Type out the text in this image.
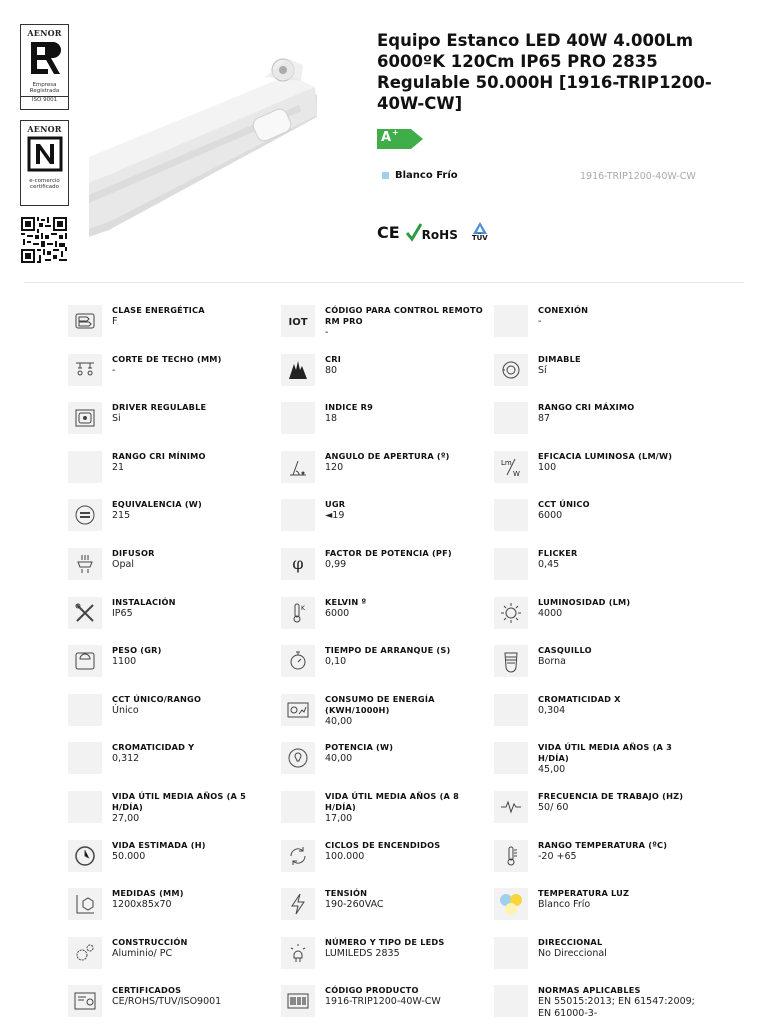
AENOR
Empresa
Registrada
ISO 9001
AENOR
e-comercio
certificado
Equipo Estanco LED 40W 4.000Lm 6000ºK 120Cm IP65 PRO 2835 Regulable 50.000H [1916-TRIP1200-40W-CW]
A +
Blanco Frío	1916-TRIP1200-40W-CW
CE RoHS TÜV
CLASE ENERGÉTICA
F	IOT
CÓDIGO PARA CONTROL REMOTO RM PRO
-
CONEXIÓN
-
CORTE DE TECHO (MM)
-
CRI
80
DIMABLE
Sí
DRIVER REGULABLE
Si
INDICE R9
18
RANGO CRI MÁXIMO
87
RANGO CRI MÍNIMO
21
ANGULO DE APERTURA (º)
120	Lm
W
EFICACIA LUMINOSA (LM/W)
100
EQUIVALENCIA (W)
215
UGR
◄19
CCT ÚNICO
6000
DIFUSOR
Opal	φ
FACTOR DE POTENCIA (PF)
0,99
FLICKER
0,45
INSTALACIÓN
IP65	K
KELVIN º
6000
LUMINOSIDAD (LM)
4000
PESO (GR)
1100
TIEMPO DE ARRANQUE (S)
0,10
CASQUILLO
Borna
CCT ÚNICO/RANGO
Único
CONSUMO DE ENERGÍA (KWH/1000H)
40,00
CROMATICIDAD X
0,304
CROMATICIDAD Y
0,312
POTENCIA (W)
40,00
VIDA ÚTIL MEDIA AÑOS (A 3 H/DÍA)
45,00
VIDA ÚTIL MEDIA AÑOS (A 5 H/DÍA)
27,00
VIDA ÚTIL MEDIA AÑOS (A 8 H/DÍA)
17,00
FRECUENCIA DE TRABAJO (HZ)
50/ 60
VIDA ESTIMADA (H)
50.000
CICLOS DE ENCENDIDOS
100.000
RANGO TEMPERATURA (ºC)
-20 +65
MEDIDAS (MM)
1200x85x70
TENSIÓN
190-260VAC
TEMPERATURA LUZ
Blanco Frío
CONSTRUCCIÓN
Aluminio/ PC
NÚMERO Y TIPO DE LEDS
LUMILEDS 2835
DIRECCIONAL
No Direccional
CERTIFICADOS
CE/ROHS/TUV/ISO9001
CÓDIGO PRODUCTO
1916-TRIP1200-40W-CW
NORMAS APLICABLES
EN 55015:2013; EN 61547:2009; EN 61000-3-
